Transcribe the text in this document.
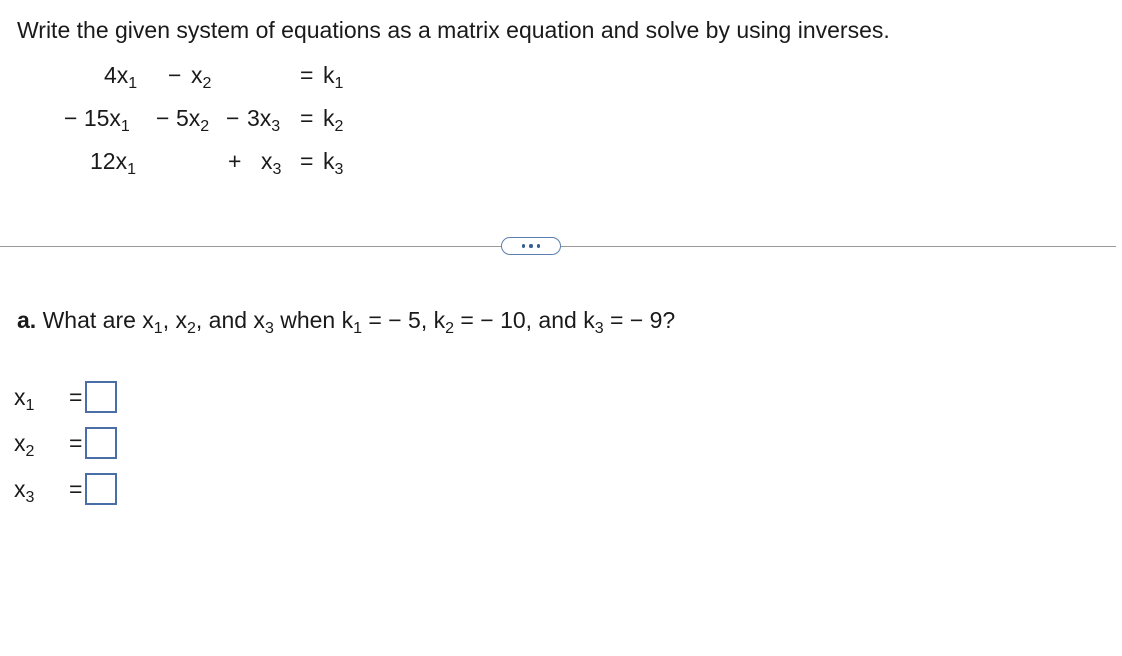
Write the given system of equations as a matrix equation and solve by using inverses.
$4x_1 - x_2$	= $k_1$
− $15x_1 - 5x_2 - 3x_3 = k_2$
$12x_1$	+ $x_3 = k_3$
a. What are $x_1$, $x_2$, and $x_3$ when $k_1$ = − 5, $k_2$ = − 10, and $k_3$ = − 9?
$x_1$	=
$x_2$	=
$x_3$	=
